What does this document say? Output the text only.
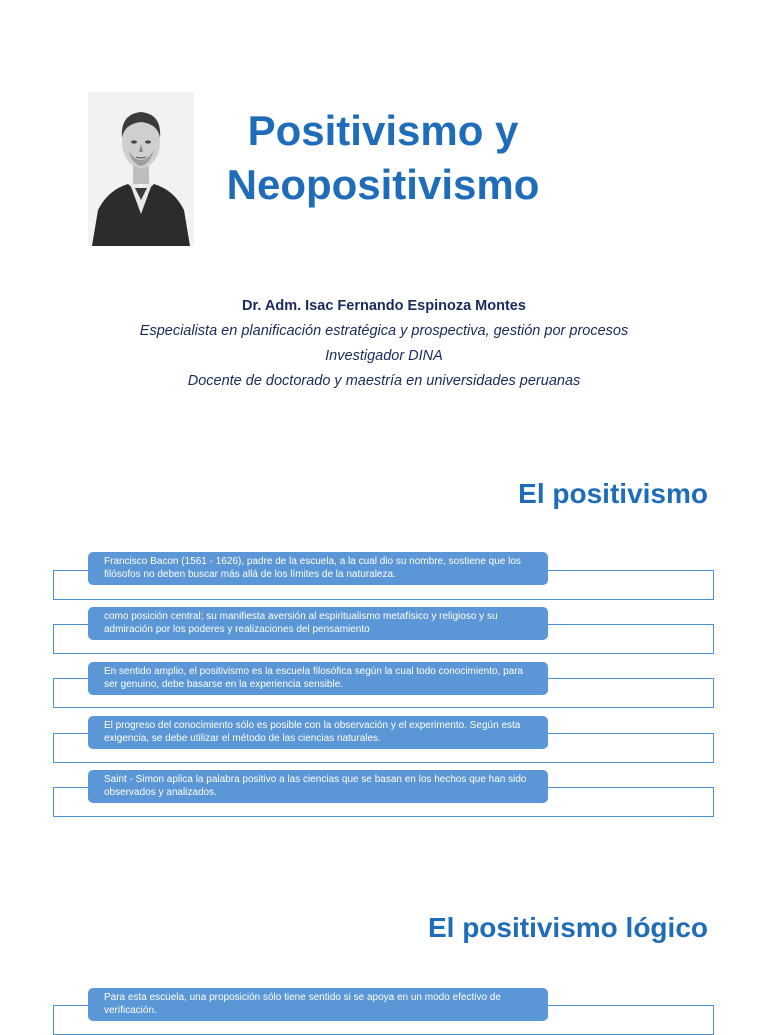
Positivismo y
Neopositivismo
Dr. Adm. Isac Fernando Espinoza Montes
Especialista en planificación estratégica y prospectiva, gestión por procesos
Investigador DINA
Docente de doctorado y maestría en universidades peruanas
El positivismo
Francisco Bacon (1561 - 1626), padre de la escuela, a la cual dio su nombre, sostiene que los filósofos no deben buscar más allá de los límites de la naturaleza.
como posición central; su manifiesta aversión al espiritualismo metafísico y religioso y su admiración por los poderes y realizaciones del pensamiento
En sentido amplio, el positivismo es la escuela filosófica según la cual todo conocimiento, para ser genuino, debe basarse en la experiencia sensible.
El progreso del conocimiento sólo es posible con la observación y el experimento. Según esta exigencia, se debe utilizar el método de las ciencias naturales.
Saint - Simon aplica la palabra positivo a las ciencias que se basan en los hechos que han sido observados y analizados.
El positivismo lógico
Para esta escuela, una proposición sólo tiene sentido si se apoya en un modo efectivo de verificación.
